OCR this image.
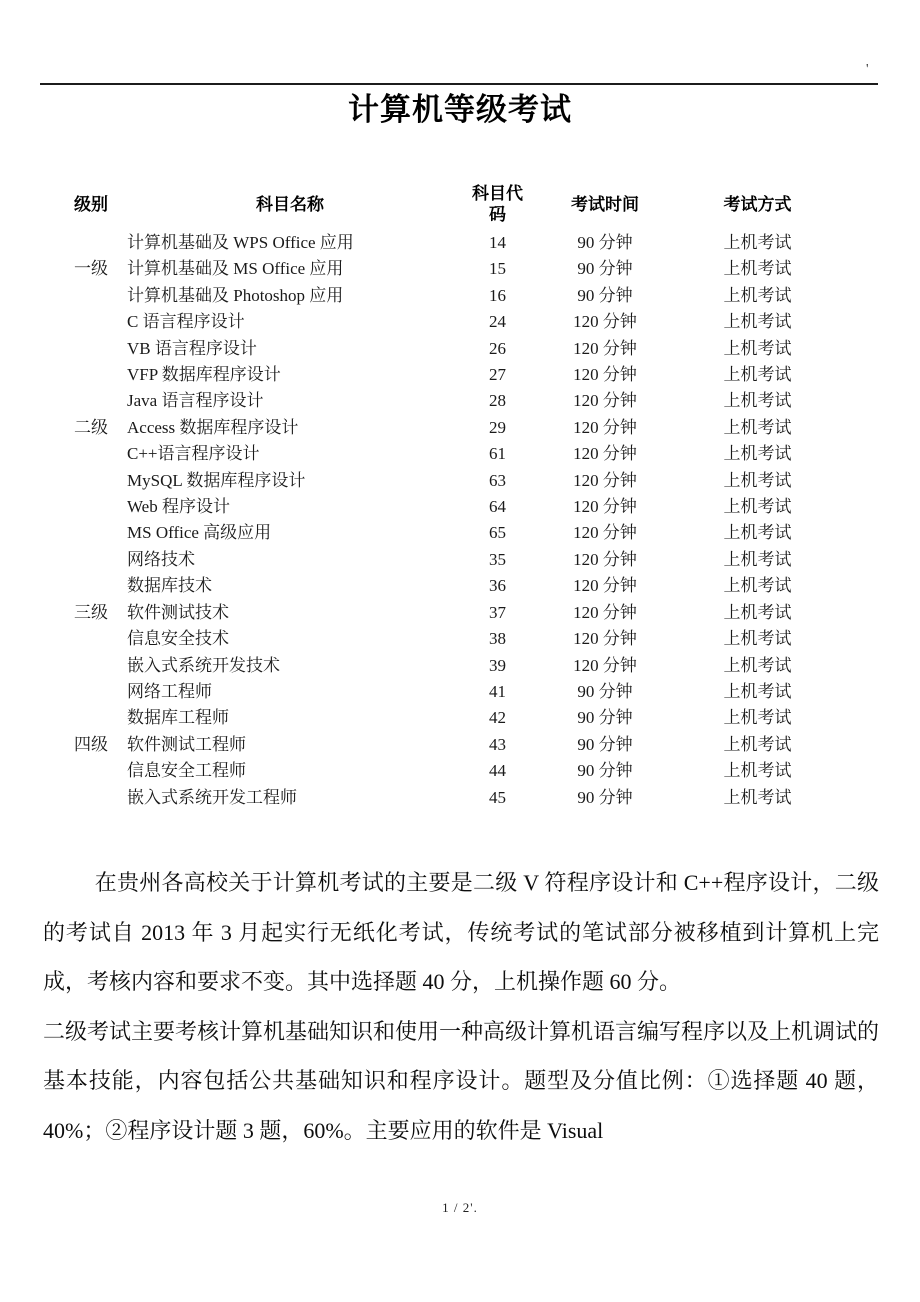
'
计算机等级考试
级别	科目名称	科目代码	考试时间	考试方式
一级	计算机基础及 WPS Office 应用	14	90 分钟	上机考试
	计算机基础及 MS Office 应用	15	90 分钟	上机考试
	计算机基础及 Photoshop 应用	16	90 分钟	上机考试
二级	C 语言程序设计	24	120 分钟	上机考试
	VB 语言程序设计	26	120 分钟	上机考试
	VFP 数据库程序设计	27	120 分钟	上机考试
	Java 语言程序设计	28	120 分钟	上机考试
	Access 数据库程序设计	29	120 分钟	上机考试
	C++语言程序设计	61	120 分钟	上机考试
	MySQL 数据库程序设计	63	120 分钟	上机考试
	Web 程序设计	64	120 分钟	上机考试
	MS Office 高级应用	65	120 分钟	上机考试
三级	网络技术	35	120 分钟	上机考试
	数据库技术	36	120 分钟	上机考试
	软件测试技术	37	120 分钟	上机考试
	信息安全技术	38	120 分钟	上机考试
	嵌入式系统开发技术	39	120 分钟	上机考试
四级	网络工程师	41	90 分钟	上机考试
	数据库工程师	42	90 分钟	上机考试
	软件测试工程师	43	90 分钟	上机考试
	信息安全工程师	44	90 分钟	上机考试
	嵌入式系统开发工程师	45	90 分钟	上机考试

在贵州各高校关于计算机考试的主要是二级 V 符程序设计和 C++程序设计，二级的考试自 2013 年 3 月起实行无纸化考试，传统考试的笔试部分被移植到计算机上完成，考核内容和要求不变。其中选择题 40 分，上机操作题 60 分。

二级考试主要考核计算机基础知识和使用一种高级计算机语言编写程序以及上机调试的基本技能，内容包括公共基础知识和程序设计。题型及分值比例：①选择题 40 题，40%；②程序设计题 3 题，60%。主要应用的软件是 Visual

1 / 2'.
